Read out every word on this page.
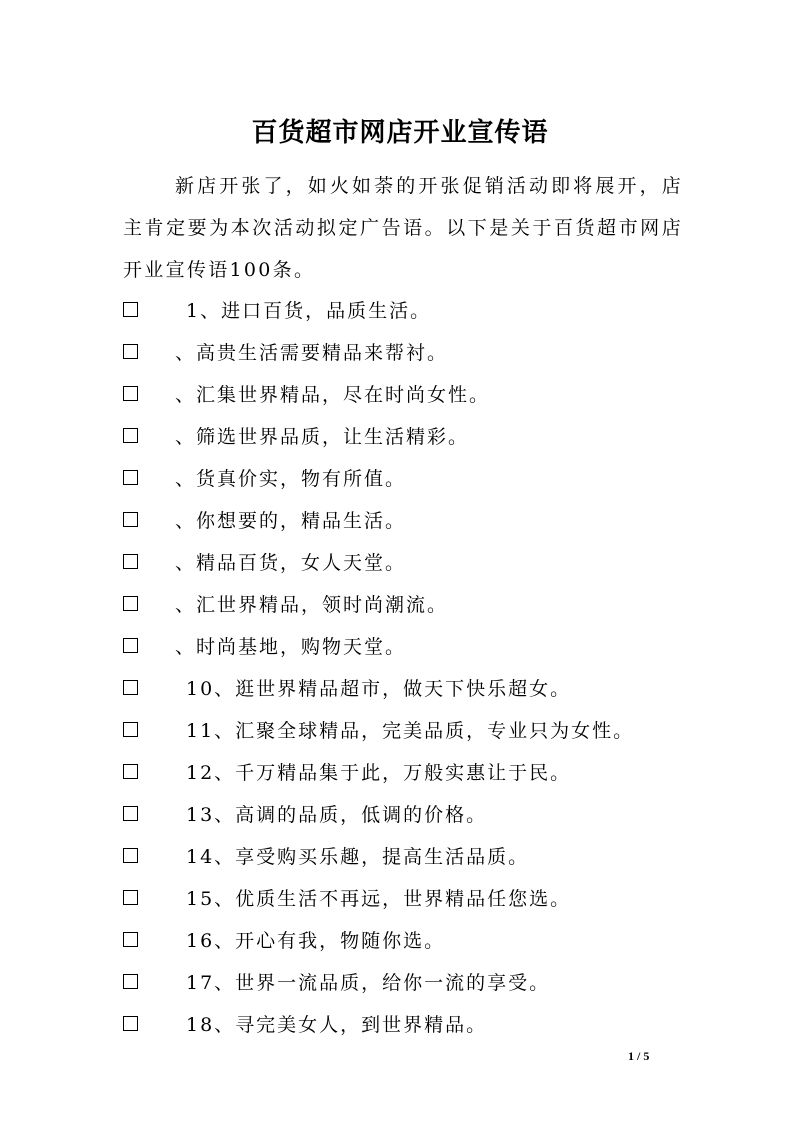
百货超市网店开业宣传语
新店开张了，如火如荼的开张促销活动即将展开，店主肯定要为本次活动拟定广告语。以下是关于百货超市网店开业宣传语100条。
1、进口百货，品质生活。
、高贵生活需要精品来帮衬。
、汇集世界精品，尽在时尚女性。
、筛选世界品质，让生活精彩。
、货真价实，物有所值。
、你想要的，精品生活。
、精品百货，女人天堂。
、汇世界精品，领时尚潮流。
、时尚基地，购物天堂。
10、逛世界精品超市，做天下快乐超女。
11、汇聚全球精品，完美品质，专业只为女性。
12、千万精品集于此，万般实惠让于民。
13、高调的品质，低调的价格。
14、享受购买乐趣，提高生活品质。
15、优质生活不再远，世界精品任您选。
16、开心有我，物随你选。
17、世界一流品质，给你一流的享受。
18、寻完美女人，到世界精品。
1 / 5
